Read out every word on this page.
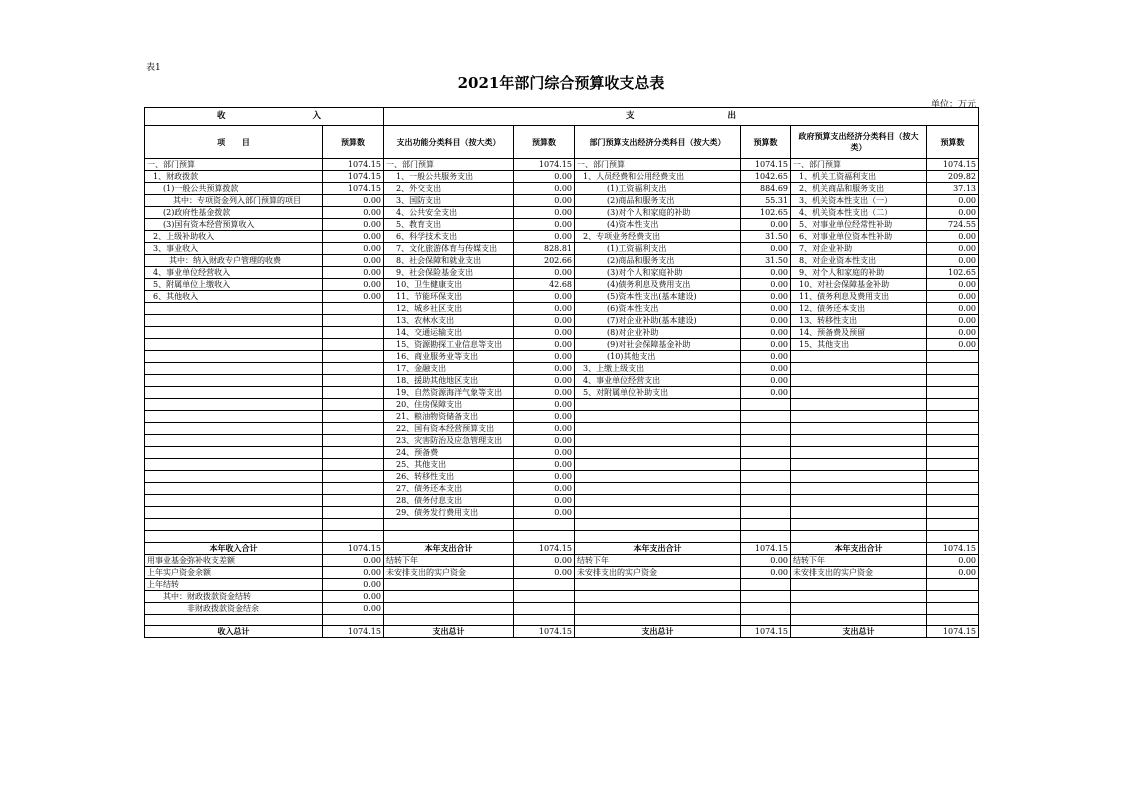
表1
2021年部门综合预算收支总表
单位：万元
收 入		支 出					

项 目	预算数	支出功能分类科目（按大类）	预算数	部门预算支出经济分类科目（按大类）	预算数	政府预算支出经济分类科目（按大类）	预算数
一、部门预算	1074.15	一、部门预算	1074.15	一、部门预算	1074.15	一、部门预算	1074.15
1、财政拨款	1074.15	1、一般公共服务支出	0.00	1、人员经费和公用经费支出	1042.65	1、机关工资福利支出	209.82
(1)一般公共预算拨款	1074.15	2、外交支出	0.00	(1)工资福利支出	884.69	2、机关商品和服务支出	37.13
其中：专项资金列入部门预算的项目	0.00	3、国防支出	0.00	(2)商品和服务支出	55.31	3、机关资本性支出（一）	0.00
(2)政府性基金拨款	0.00	4、公共安全支出	0.00	(3)对个人和家庭的补助	102.65	4、机关资本性支出（二）	0.00
(3)国有资本经营预算收入	0.00	5、教育支出	0.00	(4)资本性支出	0.00	5、对事业单位经常性补助	724.55
2、上级补助收入	0.00	6、科学技术支出	0.00	2、专项业务经费支出	31.50	6、对事业单位资本性补助	0.00
3、事业收入	0.00	7、文化旅游体育与传媒支出	828.81	(1)工资福利支出	0.00	7、对企业补助	0.00
其中：纳入财政专户管理的收费	0.00	8、社会保障和就业支出	202.66	(2)商品和服务支出	31.50	8、对企业资本性支出	0.00
4、事业单位经营收入	0.00	9、社会保险基金支出	0.00	(3)对个人和家庭补助	0.00	9、对个人和家庭的补助	102.65
5、附属单位上缴收入	0.00	10、卫生健康支出	42.68	(4)债务利息及费用支出	0.00	10、对社会保障基金补助	0.00
6、其他收入	0.00	11、节能环保支出	0.00	(5)资本性支出(基本建设)	0.00	11、债务利息及费用支出	0.00
		12、城乡社区支出	0.00	(6)资本性支出	0.00	12、债务还本支出	0.00
		13、农林水支出	0.00	(7)对企业补助(基本建设)	0.00	13、转移性支出	0.00
		14、交通运输支出	0.00	(8)对企业补助	0.00	14、预备费及预留	0.00
		15、资源勘探工业信息等支出	0.00	(9)对社会保障基金补助	0.00	15、其他支出	0.00
		16、商业服务业等支出	0.00	(10)其他支出	0.00		
		17、金融支出	0.00	3、上缴上级支出	0.00		
		18、援助其他地区支出	0.00	4、事业单位经营支出	0.00		
		19、自然资源海洋气象等支出	0.00	5、对附属单位补助支出	0.00		
		20、住房保障支出	0.00				
		21、粮油物资储备支出	0.00				
		22、国有资本经营预算支出	0.00				
		23、灾害防治及应急管理支出	0.00				
		24、预备费	0.00				
		25、其他支出	0.00				
		26、转移性支出	0.00				
		27、债务还本支出	0.00				
		28、债务付息支出	0.00				
		29、债务发行费用支出	0.00				

本年收入合计	1074.15	本年支出合计	1074.15	本年支出合计	1074.15	本年支出合计	1074.15
用事业基金弥补收支差额	0.00	结转下年	0.00	结转下年	0.00	结转下年	0.00
上年实户资金余额	0.00	未安排支出的实户资金	0.00	未安排支出的实户资金	0.00	未安排支出的实户资金	0.00
上年结转	0.00						
其中：财政拨款资金结转	0.00						
非财政拨款资金结余	0.00						

收入总计	1074.15	支出总计	1074.15	支出总计	1074.15	支出总计	1074.15
